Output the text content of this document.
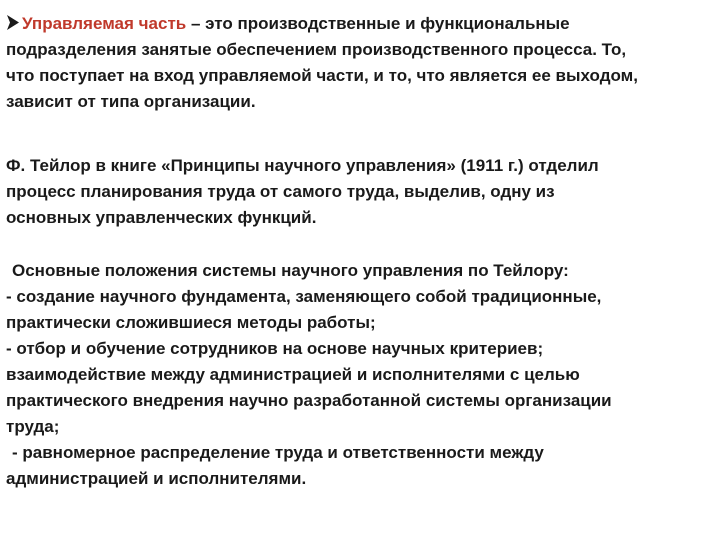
Управляемая часть – это производственные и функциональные
подразделения занятые обеспечением производственного процесса. То,
что поступает на вход управляемой части, и то, что является ее выходом,
зависит от типа организации.
Ф. Тейлор в книге «Принципы научного управления» (1911 г.) отделил
процесс планирования труда от самого труда, выделив, одну из
основных управленческих функций.
Основные положения системы научного управления по Тейлору:
- создание научного фундамента, заменяющего собой традиционные,
практически сложившиеся методы работы;
- отбор и обучение сотрудников на основе научных критериев;
взаимодействие между администрацией и исполнителями с целью
практического внедрения научно разработанной системы организации
труда;
- равномерное распределение труда и ответственности между
администрацией и исполнителями.
